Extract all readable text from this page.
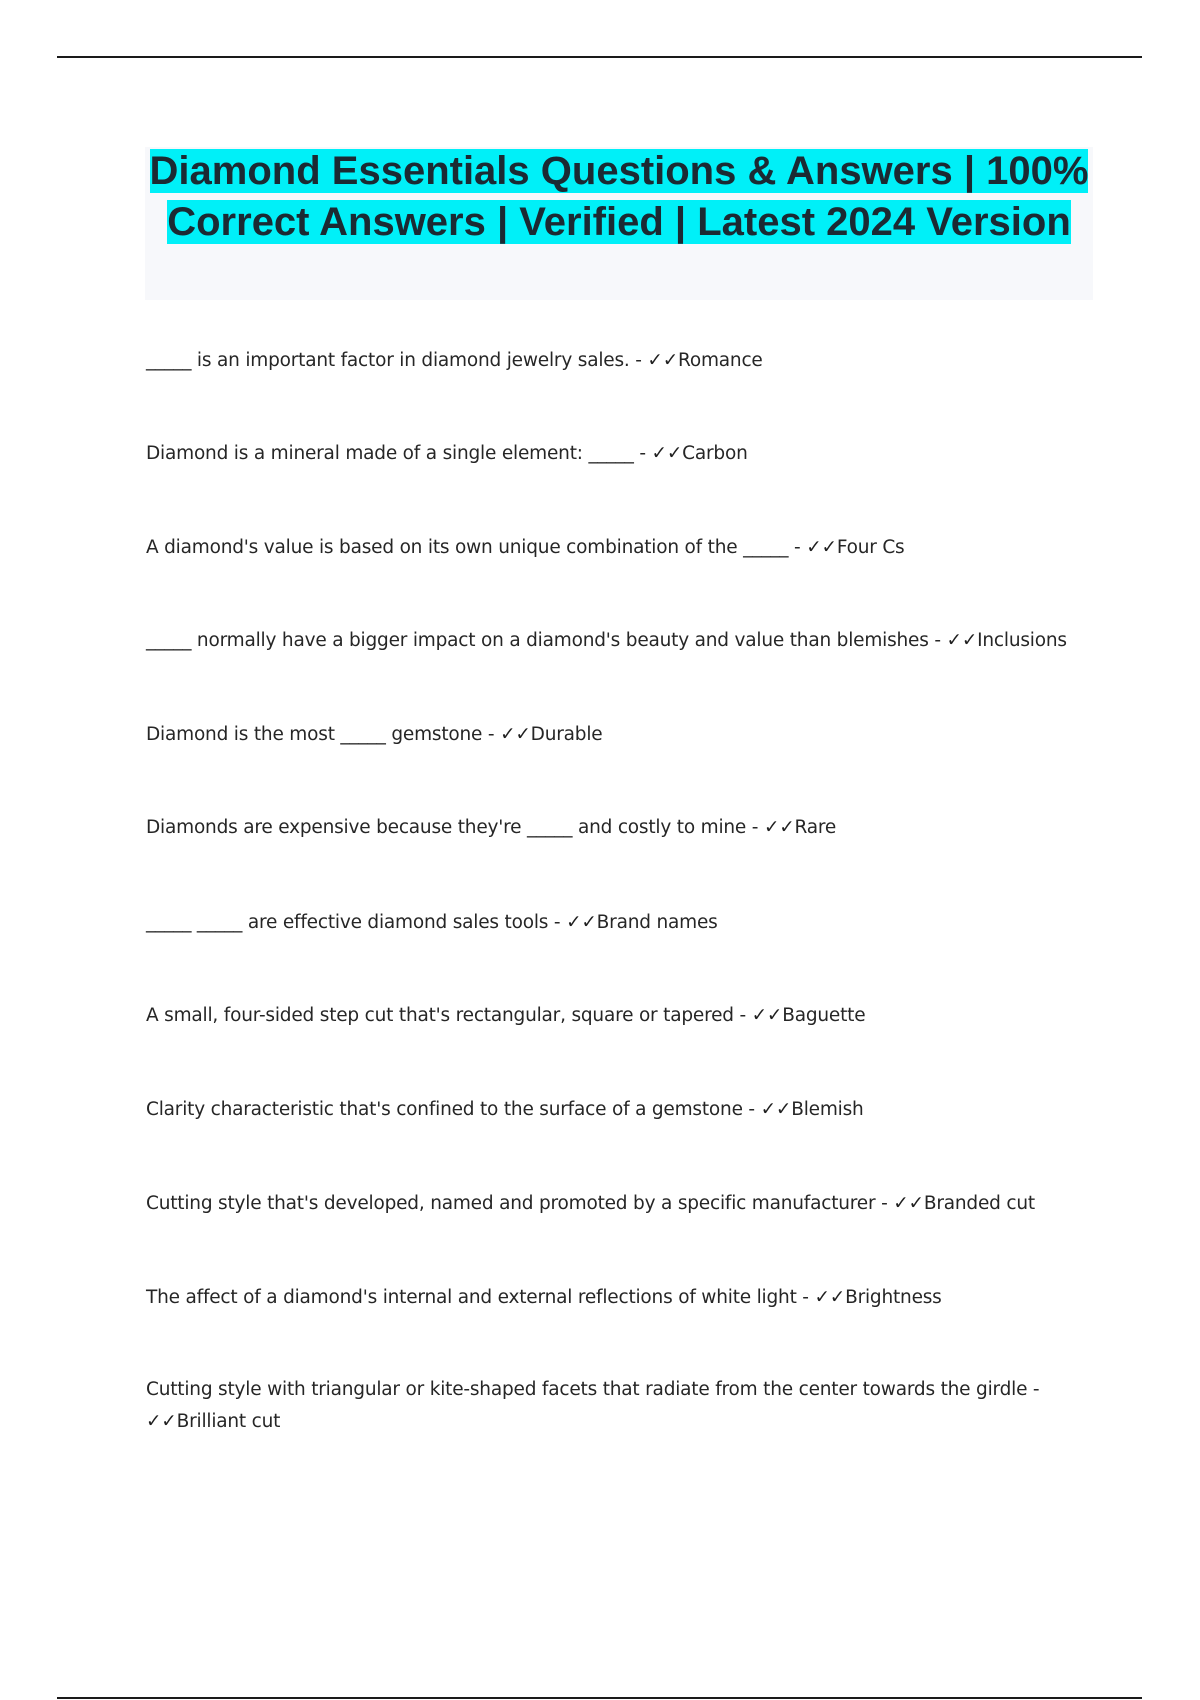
Diamond Essentials Questions & Answers | 100% Correct Answers | Verified | Latest 2024 Version

_____ is an important factor in diamond jewelry sales. - ✓✓Romance

Diamond is a mineral made of a single element: _____ - ✓✓Carbon

A diamond's value is based on its own unique combination of the _____ - ✓✓Four Cs

_____ normally have a bigger impact on a diamond's beauty and value than blemishes - ✓✓Inclusions

Diamond is the most _____ gemstone - ✓✓Durable

Diamonds are expensive because they're _____ and costly to mine - ✓✓Rare

_____ _____ are effective diamond sales tools - ✓✓Brand names

A small, four-sided step cut that's rectangular, square or tapered - ✓✓Baguette

Clarity characteristic that's confined to the surface of a gemstone - ✓✓Blemish

Cutting style that's developed, named and promoted by a specific manufacturer - ✓✓Branded cut

The affect of a diamond's internal and external reflections of white light - ✓✓Brightness

Cutting style with triangular or kite-shaped facets that radiate from the center towards the girdle - ✓✓Brilliant cut
